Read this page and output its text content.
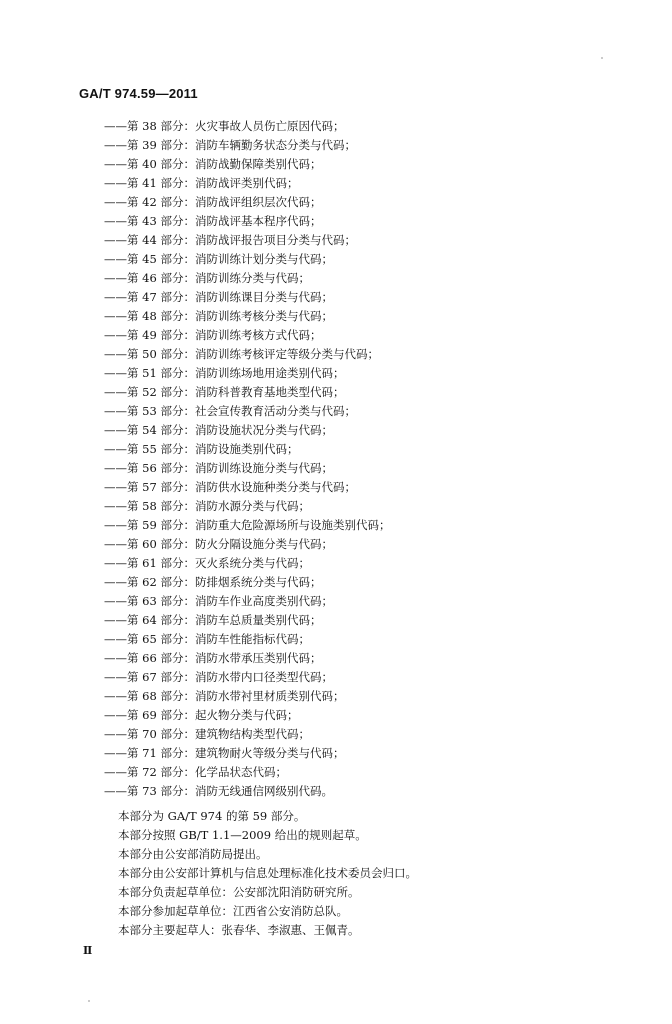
GA/T 974.59—2011
——第 38 部分：火灾事故人员伤亡原因代码；
——第 39 部分：消防车辆勤务状态分类与代码；
——第 40 部分：消防战勤保障类别代码；
——第 41 部分：消防战评类别代码；
——第 42 部分：消防战评组织层次代码；
——第 43 部分：消防战评基本程序代码；
——第 44 部分：消防战评报告项目分类与代码；
——第 45 部分：消防训练计划分类与代码；
——第 46 部分：消防训练分类与代码；
——第 47 部分：消防训练课目分类与代码；
——第 48 部分：消防训练考核分类与代码；
——第 49 部分：消防训练考核方式代码；
——第 50 部分：消防训练考核评定等级分类与代码；
——第 51 部分：消防训练场地用途类别代码；
——第 52 部分：消防科普教育基地类型代码；
——第 53 部分：社会宣传教育活动分类与代码；
——第 54 部分：消防设施状况分类与代码；
——第 55 部分：消防设施类别代码；
——第 56 部分：消防训练设施分类与代码；
——第 57 部分：消防供水设施种类分类与代码；
——第 58 部分：消防水源分类与代码；
——第 59 部分：消防重大危险源场所与设施类别代码；
——第 60 部分：防火分隔设施分类与代码；
——第 61 部分：灭火系统分类与代码；
——第 62 部分：防排烟系统分类与代码；
——第 63 部分：消防车作业高度类别代码；
——第 64 部分：消防车总质量类别代码；
——第 65 部分：消防车性能指标代码；
——第 66 部分：消防水带承压类别代码；
——第 67 部分：消防水带内口径类型代码；
——第 68 部分：消防水带衬里材质类别代码；
——第 69 部分：起火物分类与代码；
——第 70 部分：建筑物结构类型代码；
——第 71 部分：建筑物耐火等级分类与代码；
——第 72 部分：化学品状态代码；
——第 73 部分：消防无线通信网级别代码。

本部分为 GA/T 974 的第 59 部分。

本部分按照 GB/T 1.1—2009 给出的规则起草。

本部分由公安部消防局提出。

本部分由公安部计算机与信息处理标准化技术委员会归口。

本部分负责起草单位：公安部沈阳消防研究所。

本部分参加起草单位：江西省公安消防总队。

本部分主要起草人：张春华、李淑惠、王佩青。

II
